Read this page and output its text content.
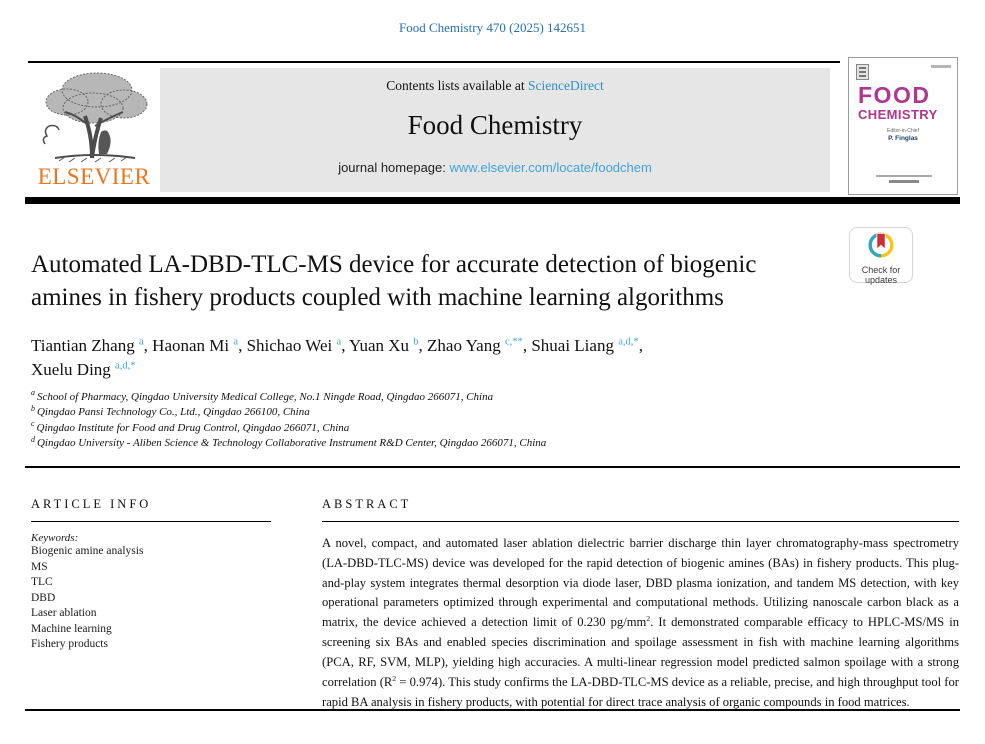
Food Chemistry 470 (2025) 142651
ELSEVIER
Contents lists available at ScienceDirect
Food Chemistry
journal homepage: www.elsevier.com/locate/foodchem
FOOD
CHEMISTRY
Editor-in-Chief
P. Finglas
Automated LA-DBD-TLC-MS device for accurate detection of biogenic
amines in fishery products coupled with machine learning algorithms
Check for
updates
Tiantian Zhang $^a$, Haonan Mi $^a$, Shichao Wei $^a$, Yuan Xu $^b$, Zhao Yang $^{c,**}$, Shuai Liang $^{a,d,*}$,
Xuelu Ding $^{a,d,*}$
$^a$ School of Pharmacy, Qingdao University Medical College, No.1 Ningde Road, Qingdao 266071, China
$^b$ Qingdao Pansi Technology Co., Ltd., Qingdao 266100, China
$^c$ Qingdao Institute for Food and Drug Control, Qingdao 266071, China
$^d$ Qingdao University - Aliben Science & Technology Collaborative Instrument R&D Center, Qingdao 266071, China
ARTICLE INFO
Keywords:
Biogenic amine analysis
MS
TLC
DBD
Laser ablation
Machine learning
Fishery products
ABSTRACT
A novel, compact, and automated laser ablation dielectric barrier discharge thin layer chromatography-mass spectrometry (LA-DBD-TLC-MS) device was developed for the rapid detection of biogenic amines (BAs) in fishery products. This plug-and-play system integrates thermal desorption via diode laser, DBD plasma ionization, and tandem MS detection, with key operational parameters optimized through experimental and computational methods. Utilizing nanoscale carbon black as a matrix, the device achieved a detection limit of 0.230 $pg/mm^2$. It demonstrated comparable efficacy to HPLC-MS/MS in screening six BAs and enabled species discrimination and spoilage assessment in fish with machine learning algorithms (PCA, RF, SVM, MLP), yielding high accuracies. A multi-linear regression model predicted salmon spoilage with a strong correlation $(R^2 = 0.974)$. This study confirms the LA-DBD-TLC-MS device as a reliable, precise, and high throughput tool for rapid BA analysis in fishery products, with potential for direct trace analysis of organic compounds in food matrices.
